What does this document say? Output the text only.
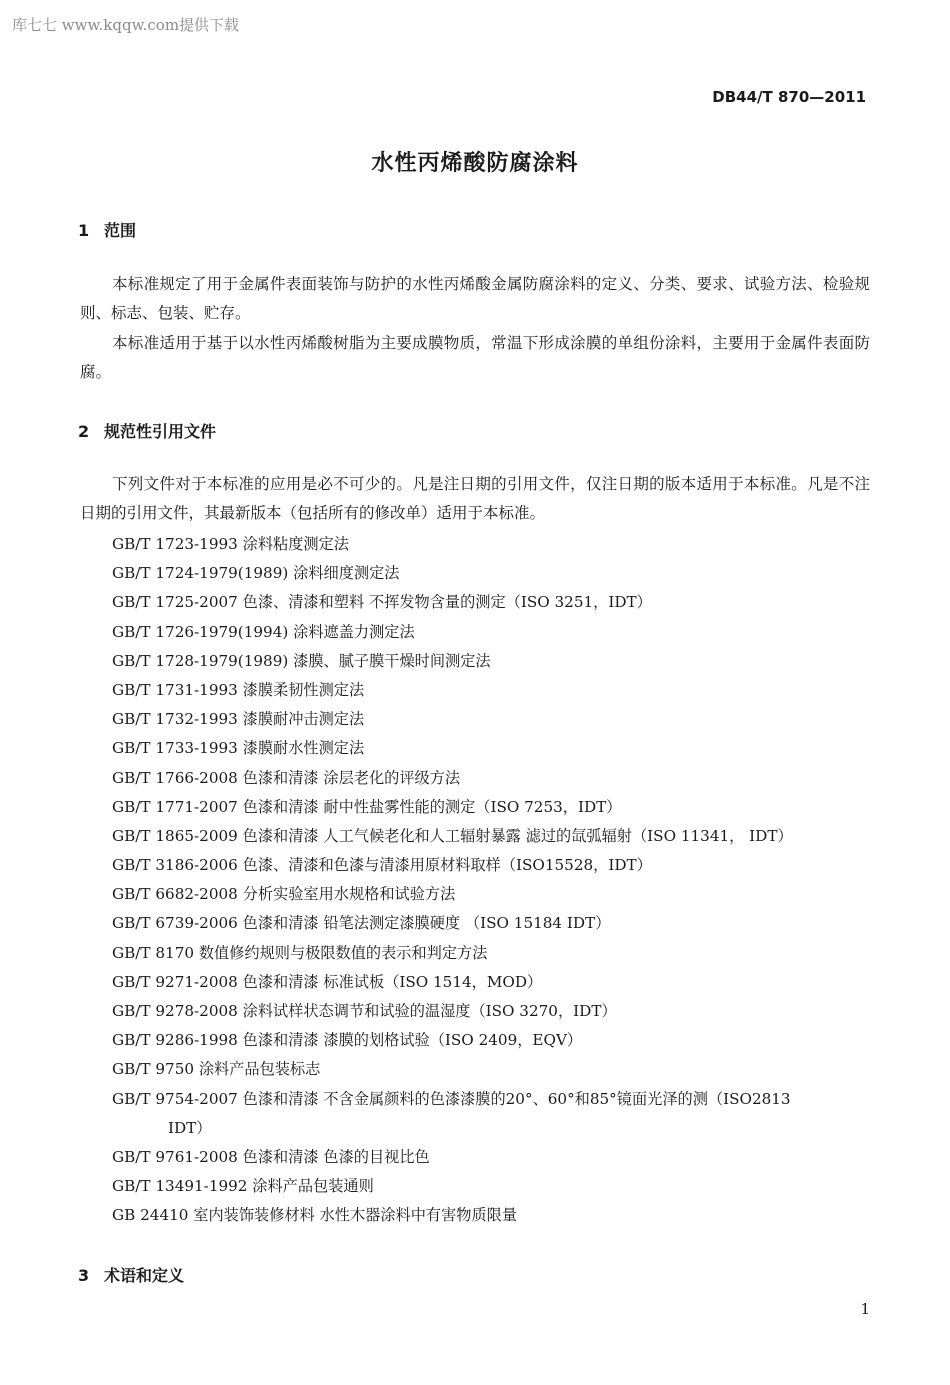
库七七 www.kqqw.com提供下载
DB44/T 870—2011
水性丙烯酸防腐涂料
1 范围
本标准规定了用于金属件表面装饰与防护的水性丙烯酸金属防腐涂料的定义、分类、要求、试验方法、检验规则、标志、包装、贮存。
本标准适用于基于以水性丙烯酸树脂为主要成膜物质，常温下形成涂膜的单组份涂料，主要用于金属件表面防腐。
2 规范性引用文件
下列文件对于本标准的应用是必不可少的。凡是注日期的引用文件，仅注日期的版本适用于本标准。凡是不注日期的引用文件，其最新版本（包括所有的修改单）适用于本标准。
GB/T 1723-1993 涂料粘度测定法
GB/T 1724-1979(1989) 涂料细度测定法
GB/T 1725-2007 色漆、清漆和塑料 不挥发物含量的测定（ISO 3251，IDT）
GB/T 1726-1979(1994) 涂料遮盖力测定法
GB/T 1728-1979(1989) 漆膜、腻子膜干燥时间测定法
GB/T 1731-1993 漆膜柔韧性测定法
GB/T 1732-1993 漆膜耐冲击测定法
GB/T 1733-1993 漆膜耐水性测定法
GB/T 1766-2008 色漆和清漆 涂层老化的评级方法
GB/T 1771-2007 色漆和清漆 耐中性盐雾性能的测定（ISO 7253，IDT）
GB/T 1865-2009 色漆和清漆 人工气候老化和人工辐射暴露 滤过的氙弧辐射（ISO 11341， IDT）
GB/T 3186-2006 色漆、清漆和色漆与清漆用原材料取样（ISO15528，IDT）
GB/T 6682-2008 分析实验室用水规格和试验方法
GB/T 6739-2006 色漆和清漆 铅笔法测定漆膜硬度 （ISO 15184 IDT）
GB/T 8170 数值修约规则与极限数值的表示和判定方法
GB/T 9271-2008 色漆和清漆 标准试板（ISO 1514，MOD）
GB/T 9278-2008 涂料试样状态调节和试验的温湿度（ISO 3270，IDT）
GB/T 9286-1998 色漆和清漆 漆膜的划格试验（ISO 2409，EQV）
GB/T 9750 涂料产品包装标志
GB/T 9754-2007 色漆和清漆 不含金属颜料的色漆漆膜的20°、60°和85°镜面光泽的测（ISO2813
IDT）
GB/T 9761-2008 色漆和清漆 色漆的目视比色
GB/T 13491-1992 涂料产品包装通则
GB 24410 室内装饰装修材料 水性木器涂料中有害物质限量
3 术语和定义
1
